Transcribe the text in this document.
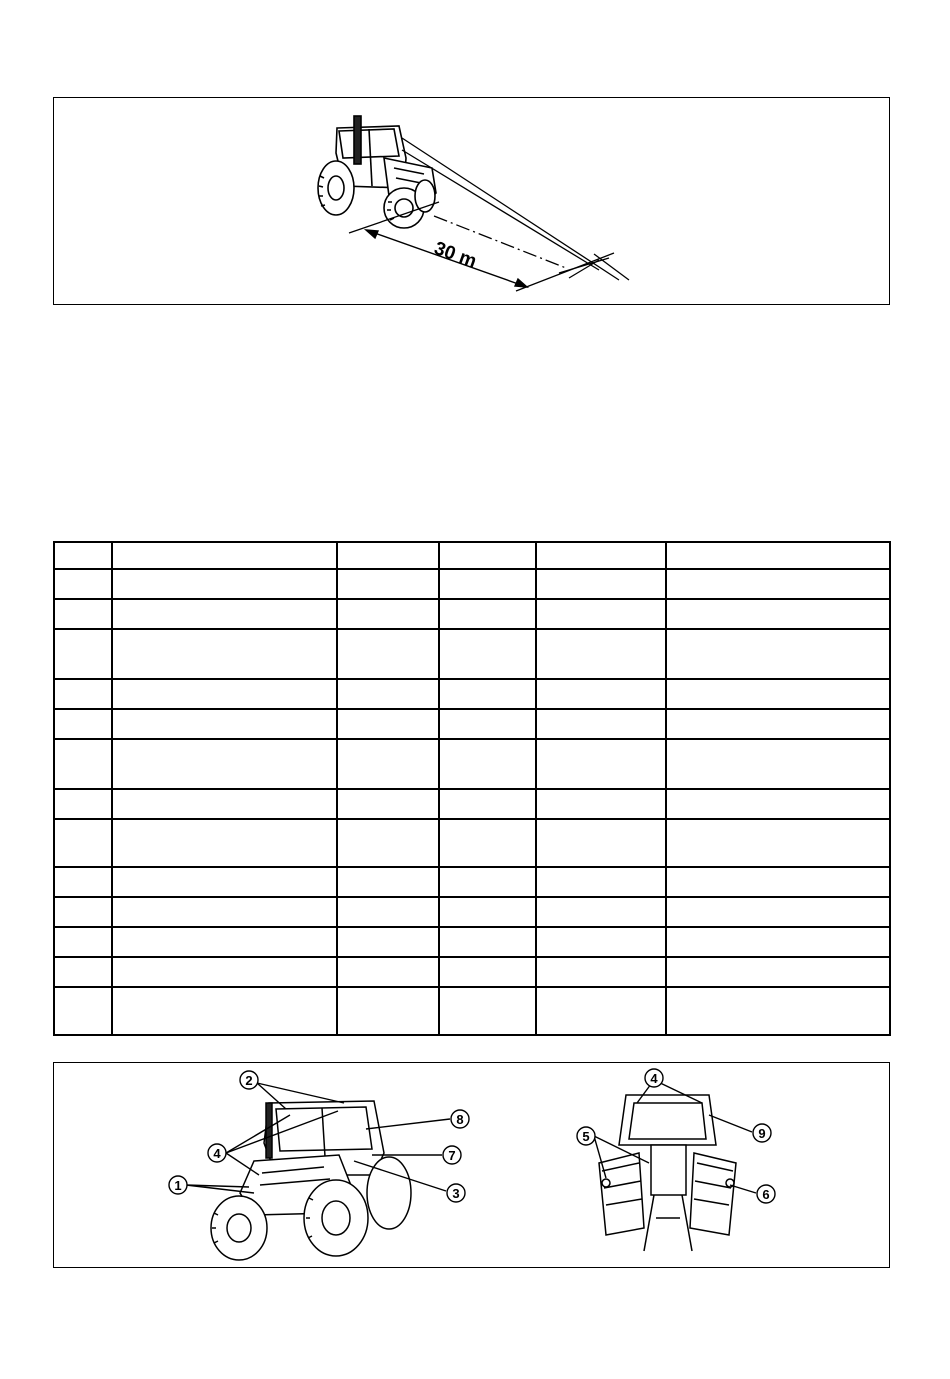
30 m

1
2
3
4	7
8
4
5
6
9
